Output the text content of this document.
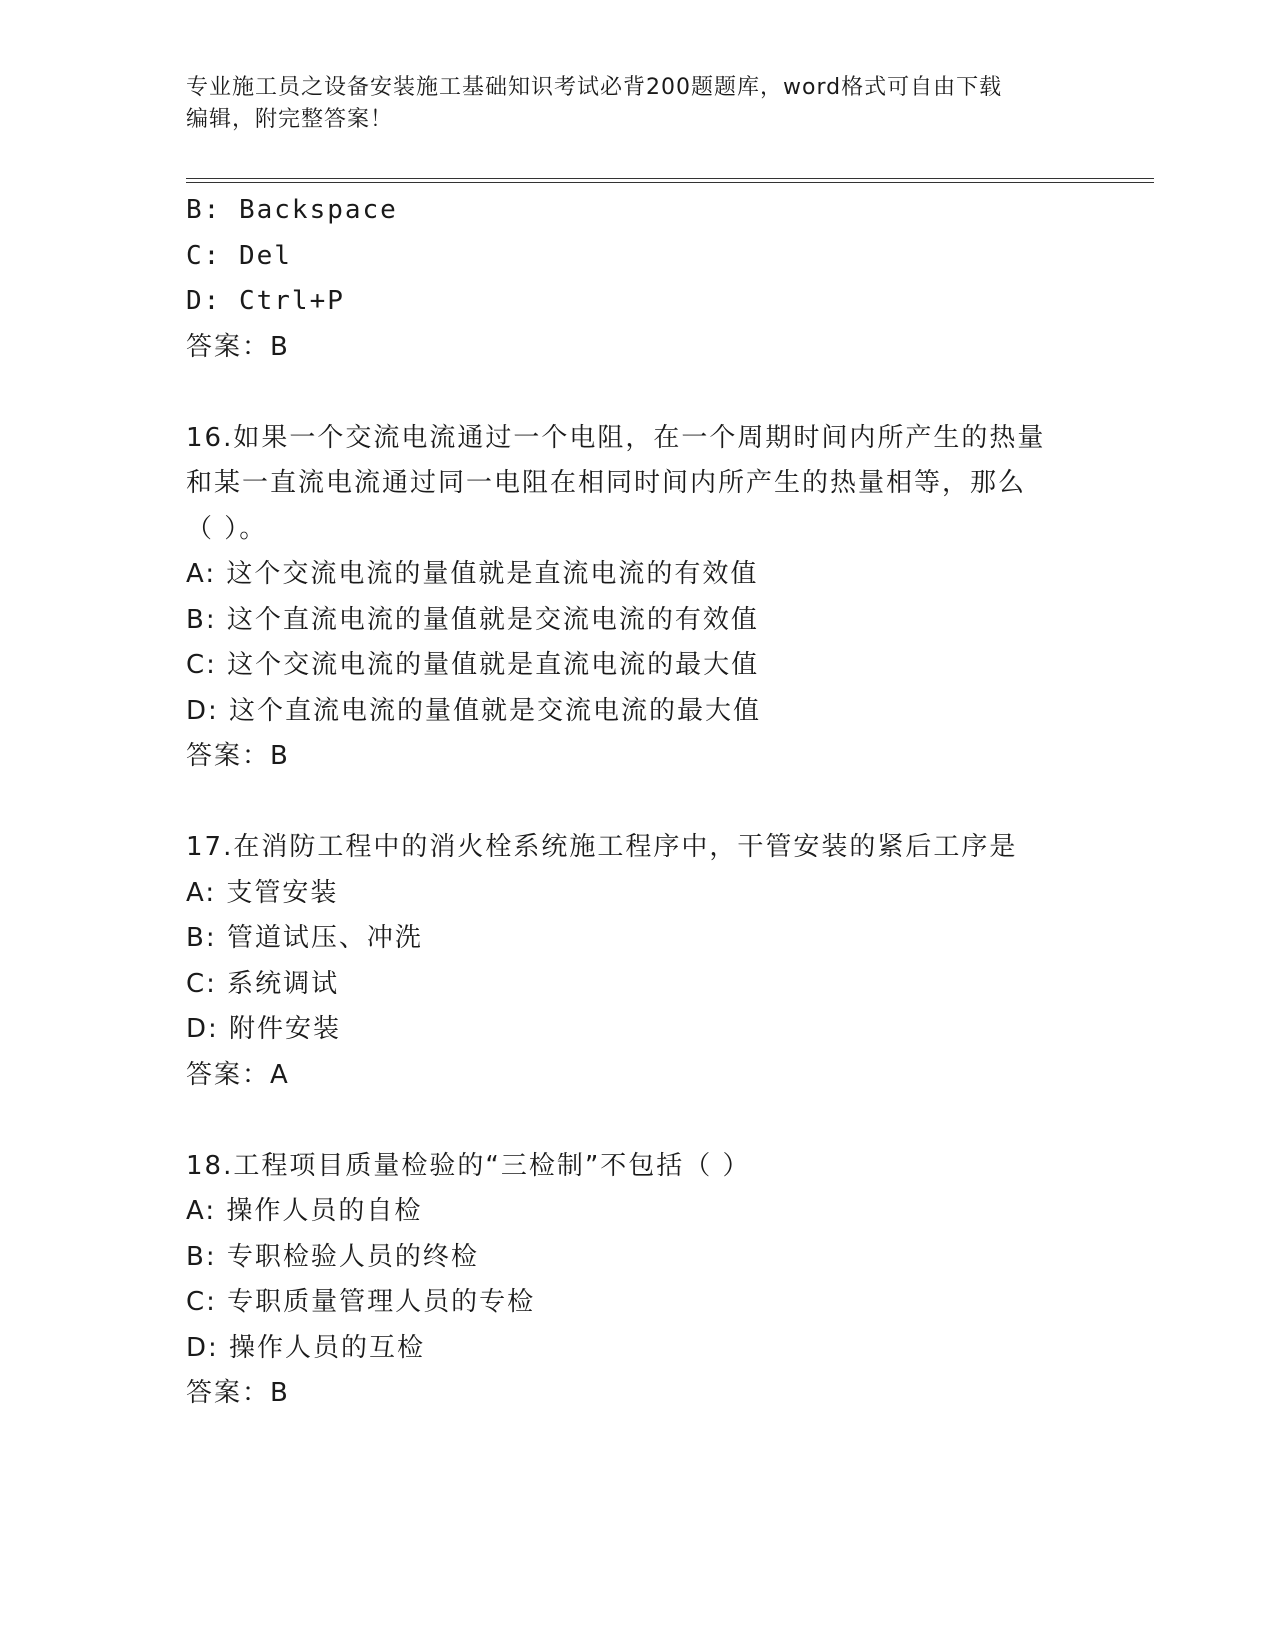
专业施工员之设备安装施工基础知识考试必背200题题库，word格式可自由下载
编辑，附完整答案！
B: Backspace
C: Del
D: Ctrl+P
答案：B
16.如果一个交流电流通过一个电阻，在一个周期时间内所产生的热量
和某一直流电流通过同一电阻在相同时间内所产生的热量相等，那么
（ ）。
A: 这个交流电流的量值就是直流电流的有效值
B: 这个直流电流的量值就是交流电流的有效值
C: 这个交流电流的量值就是直流电流的最大值
D: 这个直流电流的量值就是交流电流的最大值
答案：B
17.在消防工程中的消火栓系统施工程序中，干管安装的紧后工序是
A: 支管安装
B: 管道试压、冲洗
C: 系统调试
D: 附件安装
答案：A
18.工程项目质量检验的“三检制”不包括（ ）
A: 操作人员的自检
B: 专职检验人员的终检
C: 专职质量管理人员的专检
D: 操作人员的互检
答案：B
